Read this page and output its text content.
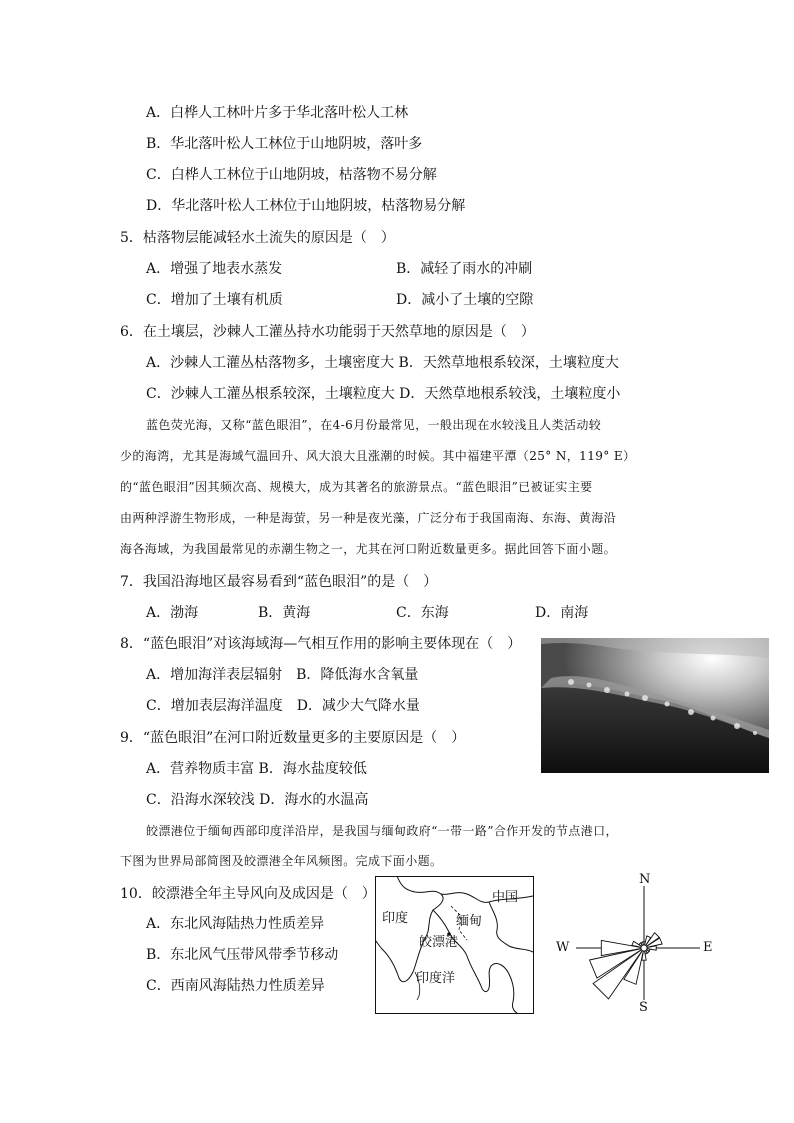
A．白桦人工林叶片多于华北落叶松人工林
B．华北落叶松人工林位于山地阴坡，落叶多
C．白桦人工林位于山地阴坡，枯落物不易分解
D．华北落叶松人工林位于山地阴坡，枯落物易分解
5．枯落物层能减轻水土流失的原因是（　）
A．增强了地表水蒸发	B．减轻了雨水的冲刷
C．增加了土壤有机质	D．减小了土壤的空隙
6．在土壤层，沙棘人工灌丛持水功能弱于天然草地的原因是（　）
A．沙棘人工灌丛枯落物多，土壤密度大 B．天然草地根系较深，土壤粒度大
C．沙棘人工灌丛根系较深，土壤粒度大 D．天然草地根系较浅，土壤粒度小
蓝色荧光海，又称“蓝色眼泪”，在4-6月份最常见，一般出现在水较浅且人类活动较
少的海湾，尤其是海域气温回升、风大浪大且涨潮的时候。其中福建平潭（25° N，119° E）
的“蓝色眼泪”因其频次高、规模大，成为其著名的旅游景点。“蓝色眼泪”已被证实主要
由两种浮游生物形成，一种是海萤，另一种是夜光藻，广泛分布于我国南海、东海、黄海沿
海各海域，为我国最常见的赤潮生物之一，尤其在河口附近数量更多。据此回答下面小题。
7．我国沿海地区最容易看到“蓝色眼泪”的是（　）
A．渤海	B．黄海	C．东海	D．南海
8．“蓝色眼泪”对该海域海—气相互作用的影响主要体现在（　）
A．增加海洋表层辐射　B．降低海水含氧量
C．增加表层海洋温度　D．减少大气降水量
9．“蓝色眼泪”在河口附近数量更多的主要原因是（　）
A．营养物质丰富 B．海水盐度较低
C．沿海水深较浅 D．海水的水温高
皎漂港位于缅甸西部印度洋沿岸，是我国与缅甸政府“一带一路”合作开发的节点港口，
下图为世界局部简图及皎漂港全年风频图。完成下面小题。
10．皎漂港全年主导风向及成因是（　）
A．东北风海陆热力性质差异
B．东北风气压带风带季节移动
C．西南风海陆热力性质差异
中国
印度	缅甸
皎漂港
印度洋
N
S
W	E
